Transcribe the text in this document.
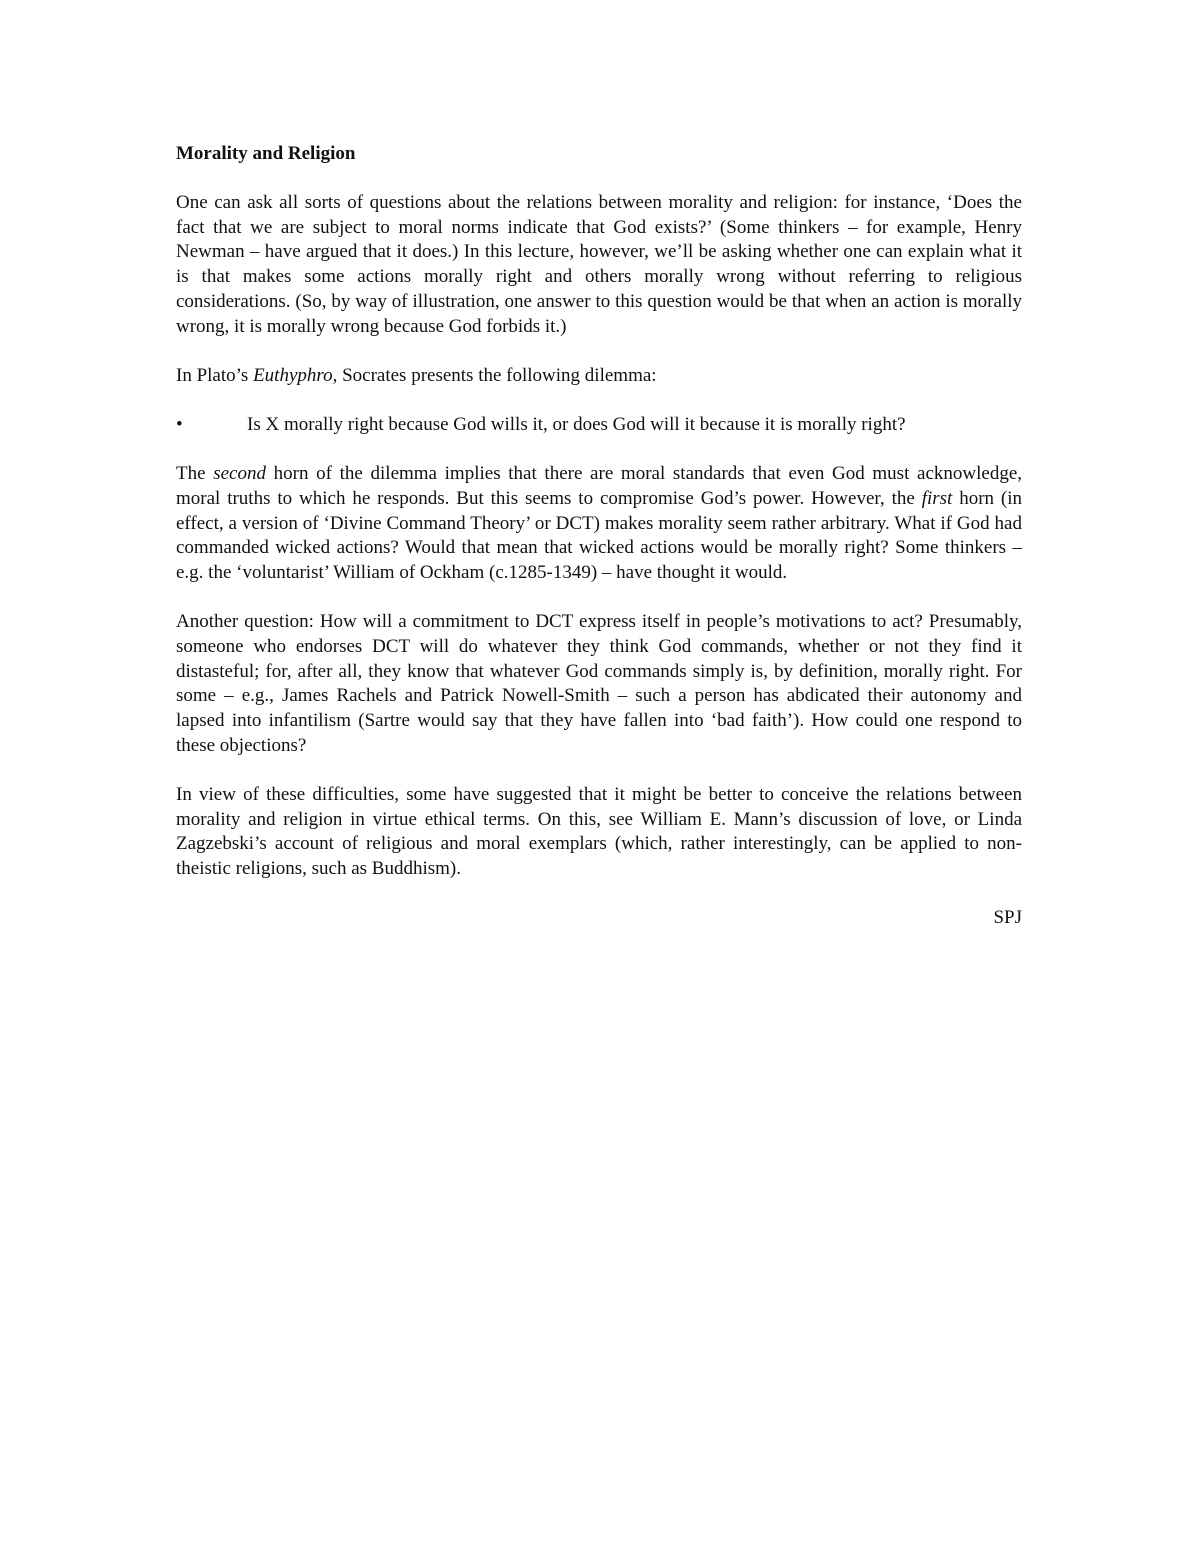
Morality and Religion

One can ask all sorts of questions about the relations between morality and religion: for instance, ‘Does the fact that we are subject to moral norms indicate that God exists?’ (Some thinkers – for example, Henry Newman – have argued that it does.) In this lecture, however, we’ll be asking whether one can explain what it is that makes some actions morally right and others morally wrong without referring to religious considerations. (So, by way of illustration, one answer to this question would be that when an action is morally wrong, it is morally wrong because God forbids it.)

In Plato’s Euthyphro, Socrates presents the following dilemma:

•	Is X morally right because God wills it, or does God will it because it is morally right?

The second horn of the dilemma implies that there are moral standards that even God must acknowledge, moral truths to which he responds. But this seems to compromise God’s power. However, the first horn (in effect, a version of ‘Divine Command Theory’ or DCT) makes morality seem rather arbitrary. What if God had commanded wicked actions? Would that mean that wicked actions would be morally right? Some thinkers – e.g. the ‘voluntarist’ William of Ockham (c.1285-1349) – have thought it would.

Another question: How will a commitment to DCT express itself in people’s motivations to act? Presumably, someone who endorses DCT will do whatever they think God commands, whether or not they find it distasteful; for, after all, they know that whatever God commands simply is, by definition, morally right. For some – e.g., James Rachels and Patrick Nowell-Smith – such a person has abdicated their autonomy and lapsed into infantilism (Sartre would say that they have fallen into ‘bad faith’). How could one respond to these objections?

In view of these difficulties, some have suggested that it might be better to conceive the relations between morality and religion in virtue ethical terms. On this, see William E. Mann’s discussion of love, or Linda Zagzebski’s account of religious and moral exemplars (which, rather interestingly, can be applied to non-theistic religions, such as Buddhism).

SPJ
